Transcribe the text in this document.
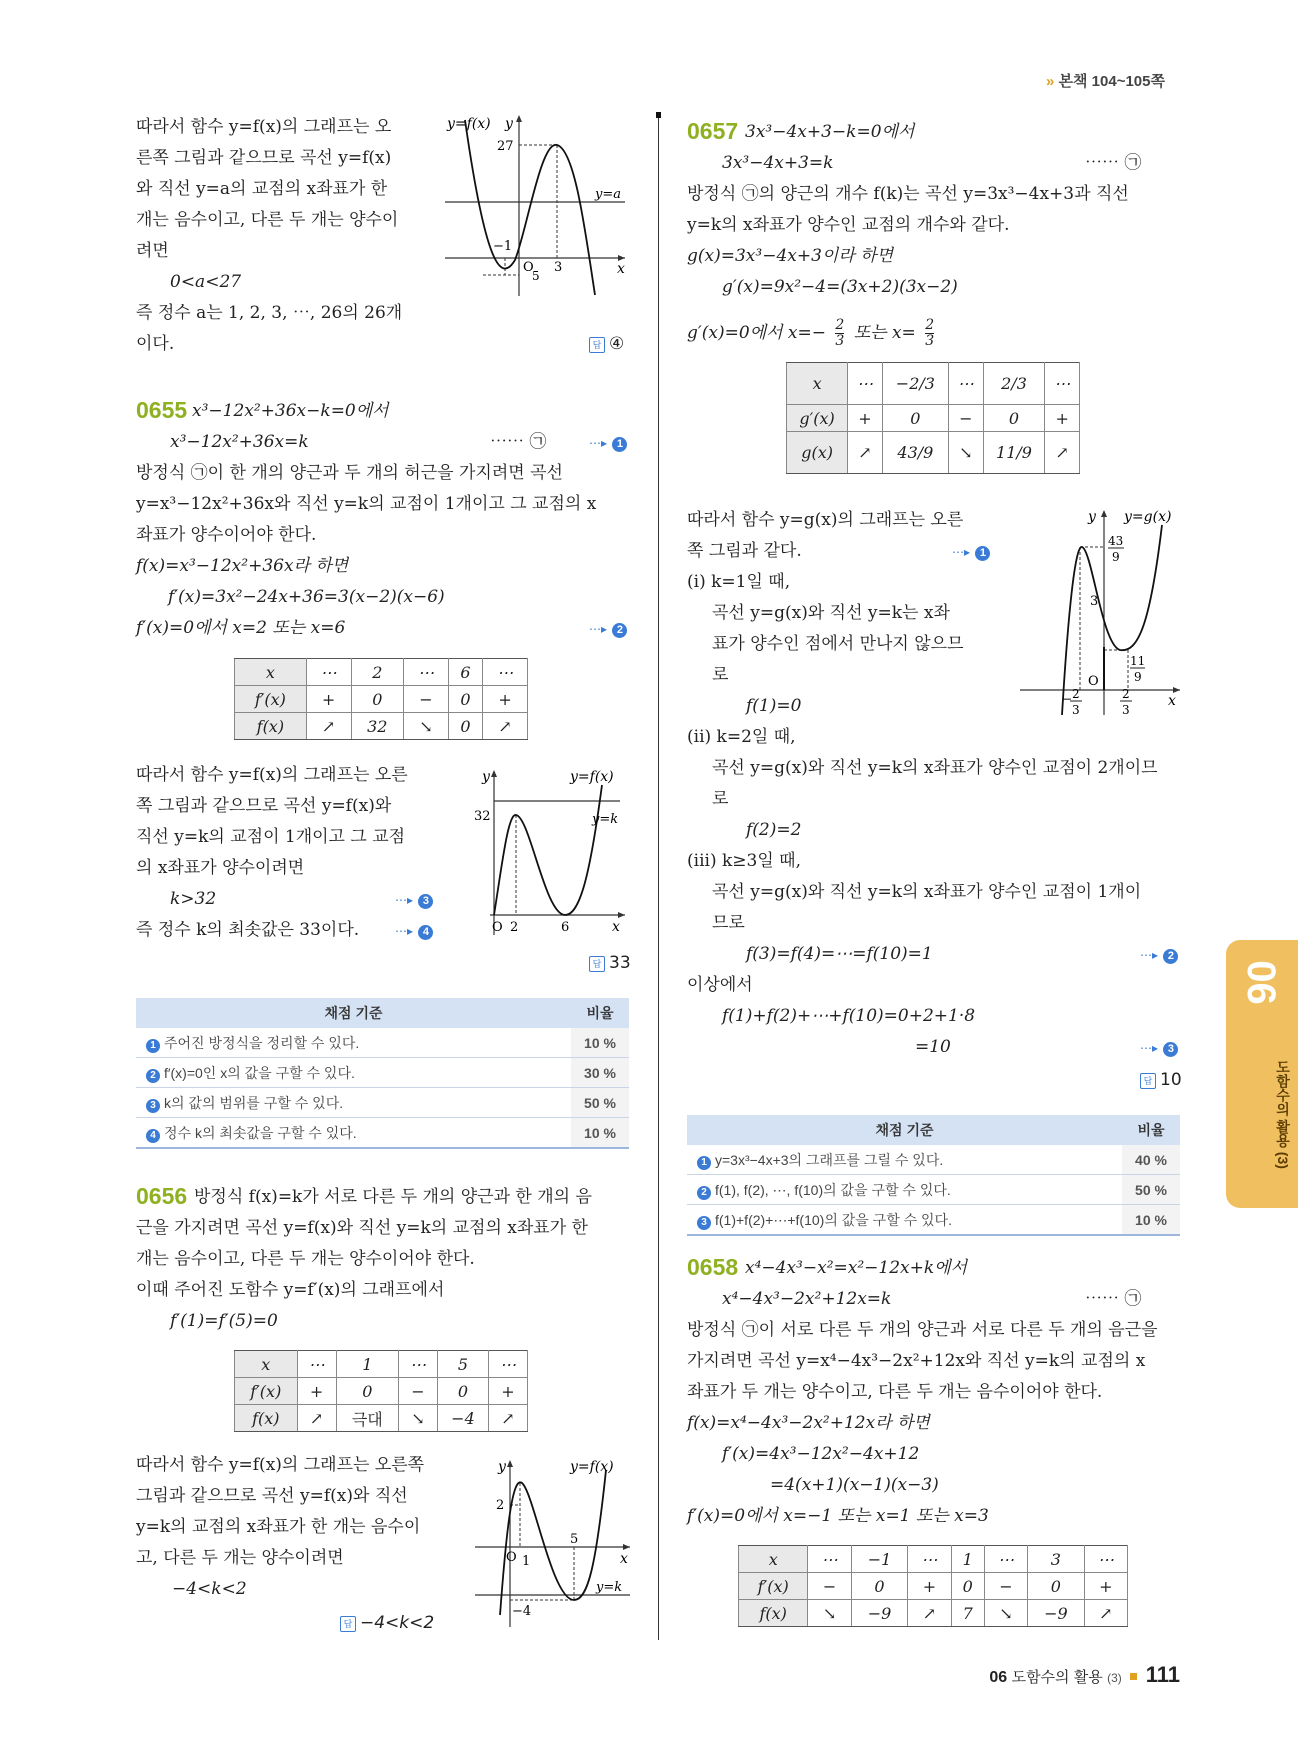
» 본책 104~105쪽
따라서 함수 y=f(x)의 그래프는 오
른쪽 그림과 같으므로 곡선 y=f(x)
와 직선 y=a의 교점의 x좌표가 한
개는 음수이고, 다른 두 개는 양수이
려면
0<a<27
즉 정수 a는 1, 2, 3, ⋯, 26의 26개
이다.	답 ④
y=f(x) y
x
27
y=a
−1
O
5
3
0655 x³−12x²+36x−k=0에서
x³−12x²+36x=k	⋯⋯ ㉠	⋯▸ 1
방정식 ㉠이 한 개의 양근과 두 개의 허근을 가지려면 곡선
y=x³−12x²+36x와 직선 y=k의 교점이 1개이고 그 교점의 x
좌표가 양수이어야 한다.
f(x)=x³−12x²+36x라 하면
f′(x)=3x²−24x+36=3(x−2)(x−6)
f′(x)=0에서 x=2 또는 x=6	⋯▸ 2
x	⋯	2	⋯	6	⋯
f′(x)	+	0	−	0	+
f(x)	↗	32	↘	0	↗
따라서 함수 y=f(x)의 그래프는 오른
쪽 그림과 같으므로 곡선 y=f(x)와
직선 y=k의 교점이 1개이고 그 교점
의 x좌표가 양수이려면
k>32	⋯▸ 3
즉 정수 k의 최솟값은 33이다.	⋯▸ 4
답 33
y	y=f(x)
32	y=k
O 2	6	x
채점 기준	비율
1 주어진 방정식을 정리할 수 있다.	10 %
2 f′(x)=0인 x의 값을 구할 수 있다.	30 %
3 k의 값의 범위를 구할 수 있다.	50 %
4 정수 k의 최솟값을 구할 수 있다.	10 %
0656 방정식 f(x)=k가 서로 다른 두 개의 양근과 한 개의 음
근을 가지려면 곡선 y=f(x)와 직선 y=k의 교점의 x좌표가 한
개는 음수이고, 다른 두 개는 양수이어야 한다.
이때 주어진 도함수 y=f′(x)의 그래프에서
f′(1)=f′(5)=0
x	⋯	1	⋯	5	⋯
f′(x)	+	0	−	0	+
f(x)	↗	극대	↘	−4	↗
따라서 함수 y=f(x)의 그래프는 오른쪽
그림과 같으므로 곡선 y=f(x)와 직선
y=k의 교점의 x좌표가 한 개는 음수이
고, 다른 두 개는 양수이려면
−4<k<2
답 −4<k<2
y	y=f(x)
2
O 1
5
x
y=k
−4
0657 3x³−4x+3−k=0에서
3x³−4x+3=k	⋯⋯ ㉠
방정식 ㉠의 양근의 개수 f(k)는 곡선 y=3x³−4x+3과 직선
y=k의 x좌표가 양수인 교점의 개수와 같다.
g(x)=3x³−4x+3이라 하면
g′(x)=9x²−4=(3x+2)(3x−2)
g′(x)=0에서 $x=- \frac{2}{3}$ 또는 $x= \frac{2}{3}$
x	⋯	−2/3	⋯	2/3	⋯
g′(x)	+	0	−	0	+
g(x)	↗	43/9	↘	11/9	↗
따라서 함수 y=g(x)의 그래프는 오른
쪽 그림과 같다.	⋯▸ 1
(i) k=1일 때,
곡선 y=g(x)와 직선 y=k는 x좌
표가 양수인 점에서 만나지 않으므
로
f(1)=0
(ii) k=2일 때,
곡선 y=g(x)와 직선 y=k의 x좌표가 양수인 교점이 2개이므
로
f(2)=2
(iii) k≥3일 때,
곡선 y=g(x)와 직선 y=k의 x좌표가 양수인 교점이 1개이
므로
f(3)=f(4)=⋯=f(10)=1	⋯▸ 2
이상에서
f(1)+f(2)+⋯+f(10)=0+2+1·8
=10	⋯▸ 3
답 10
y y=g(x)
43
9
3
11
9
O
− 2
3
2
3
x
채점 기준	비율
1 y=3x³−4x+3의 그래프를 그릴 수 있다.	40 %
2 f(1), f(2), ⋯, f(10)의 값을 구할 수 있다.	50 %
3 f(1)+f(2)+⋯+f(10)의 값을 구할 수 있다.	10 %
0658 x⁴−4x³−x²=x²−12x+k에서
x⁴−4x³−2x²+12x=k	⋯⋯ ㉠
방정식 ㉠이 서로 다른 두 개의 양근과 서로 다른 두 개의 음근을
가지려면 곡선 y=x⁴−4x³−2x²+12x와 직선 y=k의 교점의 x
좌표가 두 개는 양수이고, 다른 두 개는 음수이어야 한다.
f(x)=x⁴−4x³−2x²+12x라 하면
f′(x)=4x³−12x²−4x+12
=4(x+1)(x−1)(x−3)
f′(x)=0에서 x=−1 또는 x=1 또는 x=3
x	⋯	−1	⋯	1	⋯	3	⋯
f′(x)	−	0	+	0	−	0	+
f(x)	↘	−9	↗	7	↘	−9	↗
06
도함수의 활용 (3)
06 도함수의 활용 (3) 111
